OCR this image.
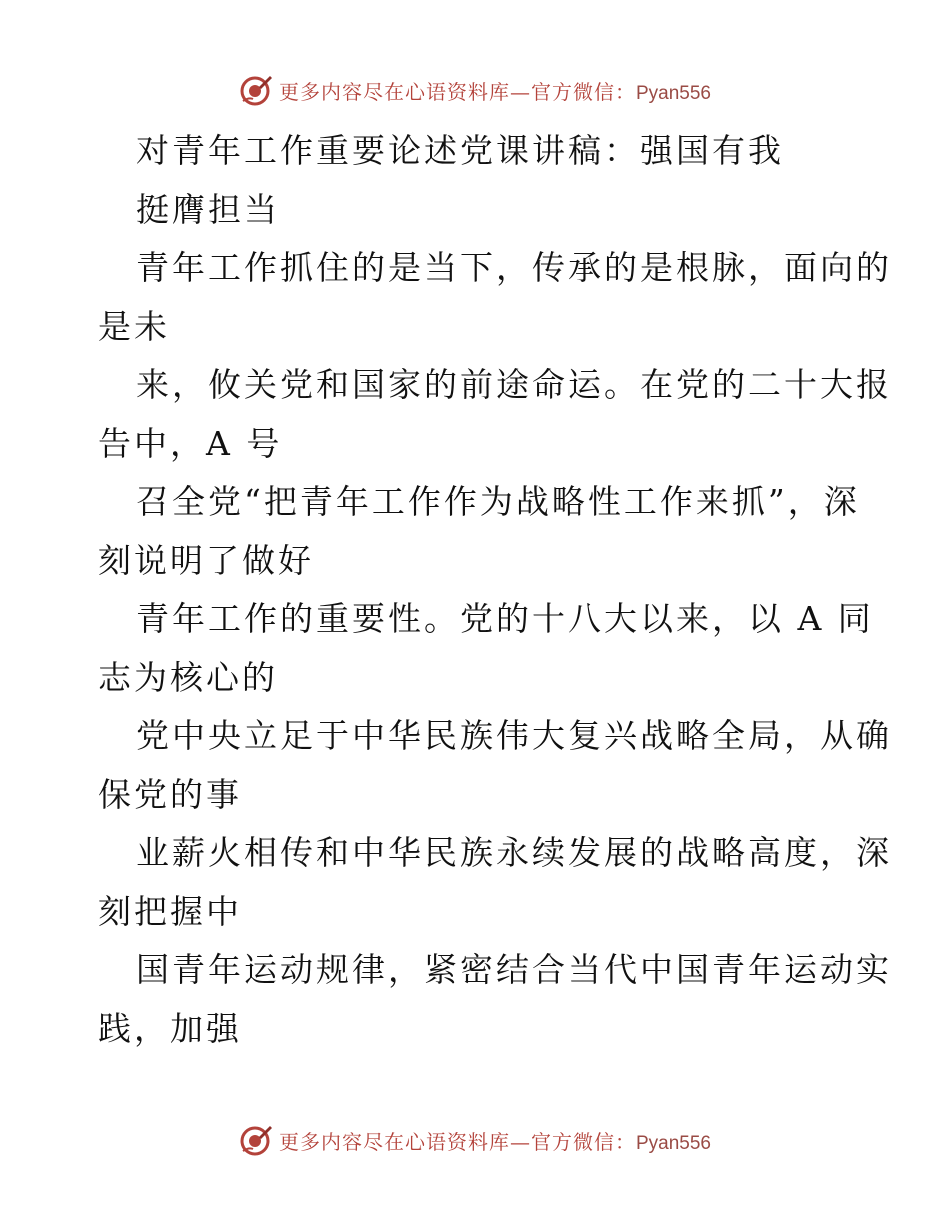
更多内容尽在心语资料库—官方微信：Pyan556
对青年工作重要论述党课讲稿：强国有我
挺膺担当
青年工作抓住的是当下，传承的是根脉，面向的
是未
来，攸关党和国家的前途命运。在党的二十大报
告中，A 号
召全党“把青年工作作为战略性工作来抓”，深
刻说明了做好
青年工作的重要性。党的十八大以来，以 A 同
志为核心的
党中央立足于中华民族伟大复兴战略全局，从确
保党的事
业薪火相传和中华民族永续发展的战略高度，深
刻把握中
国青年运动规律，紧密结合当代中国青年运动实
践，加强
更多内容尽在心语资料库—官方微信：Pyan556
